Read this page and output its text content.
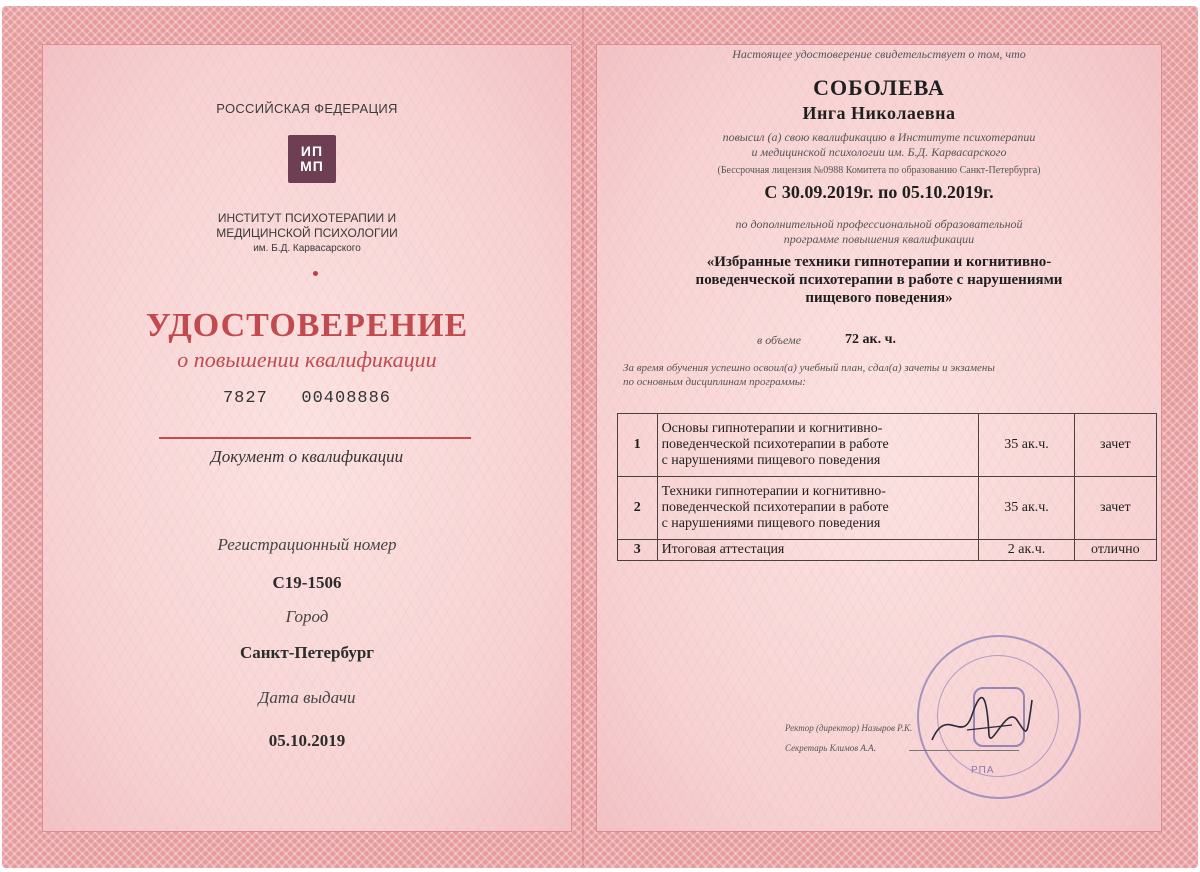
РОССИЙСКАЯ ФЕДЕРАЦИЯ
ИП
МП
ИНСТИТУТ ПСИХОТЕРАПИИ И
МЕДИЦИНСКОЙ ПСИХОЛОГИИ
им. Б.Д. Карвасарского
УДОСТОВЕРЕНИЕ
о повышении квалификации
7827 00408886
Документ о квалификации
Регистрационный номер
С19-1506
Город
Санкт-Петербург
Дата выдачи
05.10.2019
Настоящее удостоверение свидетельствует о том, что
СОБОЛЕВА
Инга Николаевна
повысил (а) свою квалификацию в Институте психотерапии
и медицинской психологии им. Б.Д. Карвасарского
(Бессрочная лицензия №0988 Комитета по образованию Санкт-Петербурга)
С 30.09.2019г. по 05.10.2019г.
по дополнительной профессиональной образовательной
программе повышения квалификации
«Избранные техники гипнотерапии и когнитивно-
поведенческой психотерапии в работе с нарушениями
пищевого поведения»
в объеме	72 ак. ч.
За время обучения успешно освоил(а) учебный план, сдал(а) зачеты и экзамены
по основным дисциплинам программы:
1	Основы гипнотерапии и когнитивно-
поведенческой психотерапии в работе
с нарушениями пищевого поведения	35 ак.ч.	зачет
2	Техники гипнотерапии и когнитивно-
поведенческой психотерапии в работе
с нарушениями пищевого поведения	35 ак.ч.	зачет
3	Итоговая аттестация	2 ак.ч.	отлично
РПА
Ректор (директор) Назыров Р.К.
Секретарь Климов А.А.
